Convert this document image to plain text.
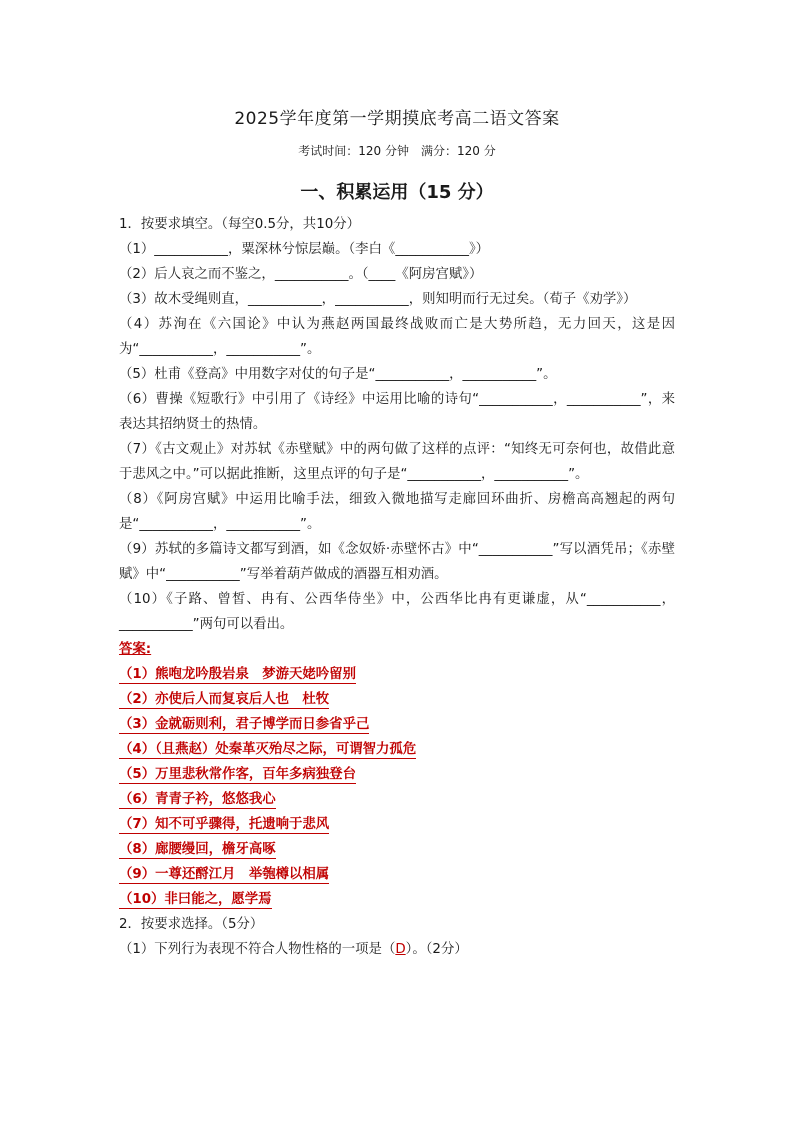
2025学年度第一学期摸底考高二语文答案
考试时间：120 分钟　满分：120 分
一、积累运用（15 分）
1．按要求填空。（每空0.5分，共10分）
（1）___________，粟深林兮惊层巅。（李白《___________》）
（2）后人哀之而不鉴之，___________。（____《阿房宫赋》）
（3）故木受绳则直，___________，___________，则知明而行无过矣。（荀子《劝学》）
（4）苏洵在《六国论》中认为燕赵两国最终战败而亡是大势所趋，无力回天，这是因为“___________，___________”。
（5）杜甫《登高》中用数字对仗的句子是“___________，___________”。
（6）曹操《短歌行》中引用了《诗经》中运用比喻的诗句“___________，___________”，来表达其招纳贤士的热情。
（7）《古文观止》对苏轼《赤壁赋》中的两句做了这样的点评：“知终无可奈何也，故借此意于悲风之中。”可以据此推断，这里点评的句子是“___________，___________”。
（8）《阿房宫赋》中运用比喻手法，细致入微地描写走廊回环曲折、房檐高高翘起的两句是“___________，___________”。
（9）苏轼的多篇诗文都写到酒，如《念奴娇·赤壁怀古》中“___________”写以酒凭吊；《赤壁赋》中“___________”写举着葫芦做成的酒器互相劝酒。
（10）《子路、曾皙、冉有、公西华侍坐》中，公西华比冉有更谦虚，从“___________，___________”两句可以看出。
答案:
（1）熊咆龙吟殷岩泉　梦游天姥吟留别
（2）亦使后人而复哀后人也　杜牧
（3）金就砺则利，君子博学而日参省乎己
（4）（且燕赵）处秦革灭殆尽之际，可谓智力孤危
（5）万里悲秋常作客，百年多病独登台
（6）青青子衿，悠悠我心
（7）知不可乎骤得，托遗响于悲风
（8）廊腰缦回，檐牙高啄
（9）一尊还酹江月　举匏樽以相属
（10）非曰能之，愿学焉
2．按要求选择。（5分）
（1）下列行为表现不符合人物性格的一项是（D）。（2分）
